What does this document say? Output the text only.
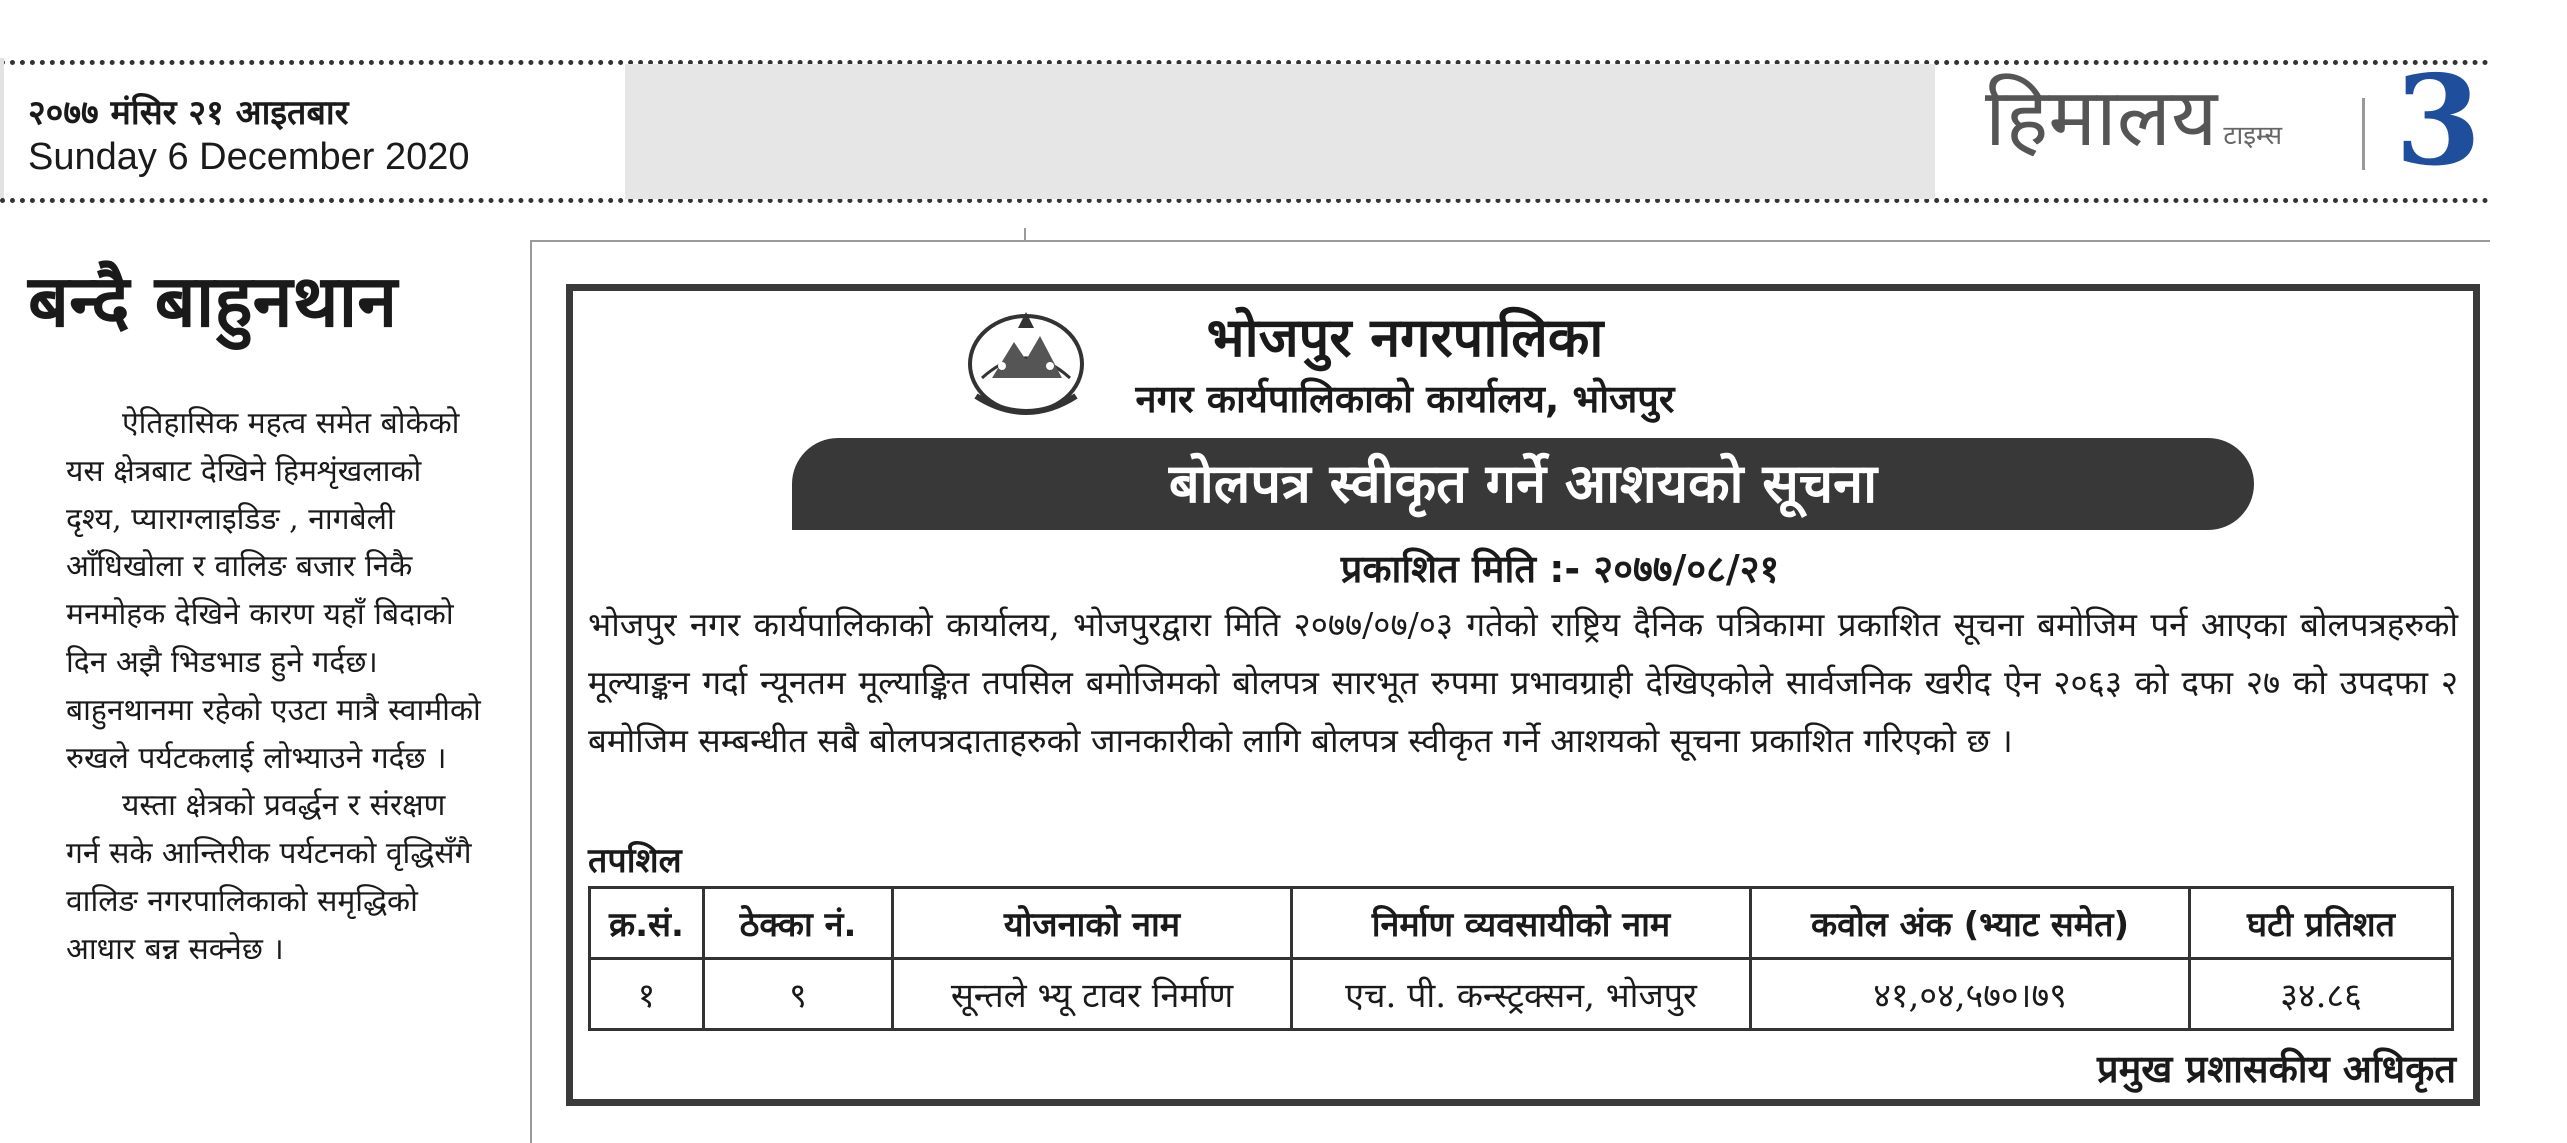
२०७७ मंसिर २१ आइतबार
Sunday 6 December 2020	हिमालय टाइम्स 3
बन्दै बाहुनथान

ऐतिहासिक महत्व समेत बोकेको यस क्षेत्रबाट देखिने हिमशृंखलाको दृश्य, प्याराग्लाइडिङ , नागबेली आँधिखोला र वालिङ बजार निकै मनमोहक देखिने कारण यहाँ बिदाको दिन अझै भिडभाड हुने गर्दछ। बाहुनथानमा रहेको एउटा मात्रै स्वामीको रुखले पर्यटकलाई लोभ्याउने गर्दछ ।

यस्ता क्षेत्रको प्रवर्द्धन र संरक्षण गर्न सके आन्तिरीक पर्यटनको वृद्धिसँगै वालिङ नगरपालिकाको समृद्धिको आधार बन्न सक्नेछ ।

भोजपुर नगरपालिका
नगर कार्यपालिकाको कार्यालय, भोजपुर
बोलपत्र स्वीकृत गर्ने आशयको सूचना
प्रकाशित मिति :- २०७७/०८/२१
भोजपुर नगर कार्यपालिकाको कार्यालय, भोजपुरद्वारा मिति २०७७/०७/०३ गतेको राष्ट्रिय दैनिक पत्रिकामा प्रकाशित सूचना बमोजिम पर्न आएका बोलपत्रहरुको मूल्याङ्कन गर्दा न्यूनतम मूल्याङ्कित तपसिल बमोजिमको बोलपत्र सारभूत रुपमा प्रभावग्राही देखिएकोले सार्वजनिक खरीद ऐन २०६३ को दफा २७ को उपदफा २ बमोजिम सम्बन्धीत सबै बोलपत्रदाताहरुको जानकारीको लागि बोलपत्र स्वीकृत गर्ने आशयको सूचना प्रकाशित गरिएको छ ।
तपशिल
क्र.सं.	ठेक्का नं.	योजनाको नाम	निर्माण व्यवसायीको नाम	कवोल अंक (भ्याट समेत)	घटी प्रतिशत
१	९	सून्तले भ्यू टावर निर्माण	एच. पी. कन्स्ट्रक्सन, भोजपुर	४१,०४,५७०।७९	३४.८६
प्रमुख प्रशासकीय अधिकृत
